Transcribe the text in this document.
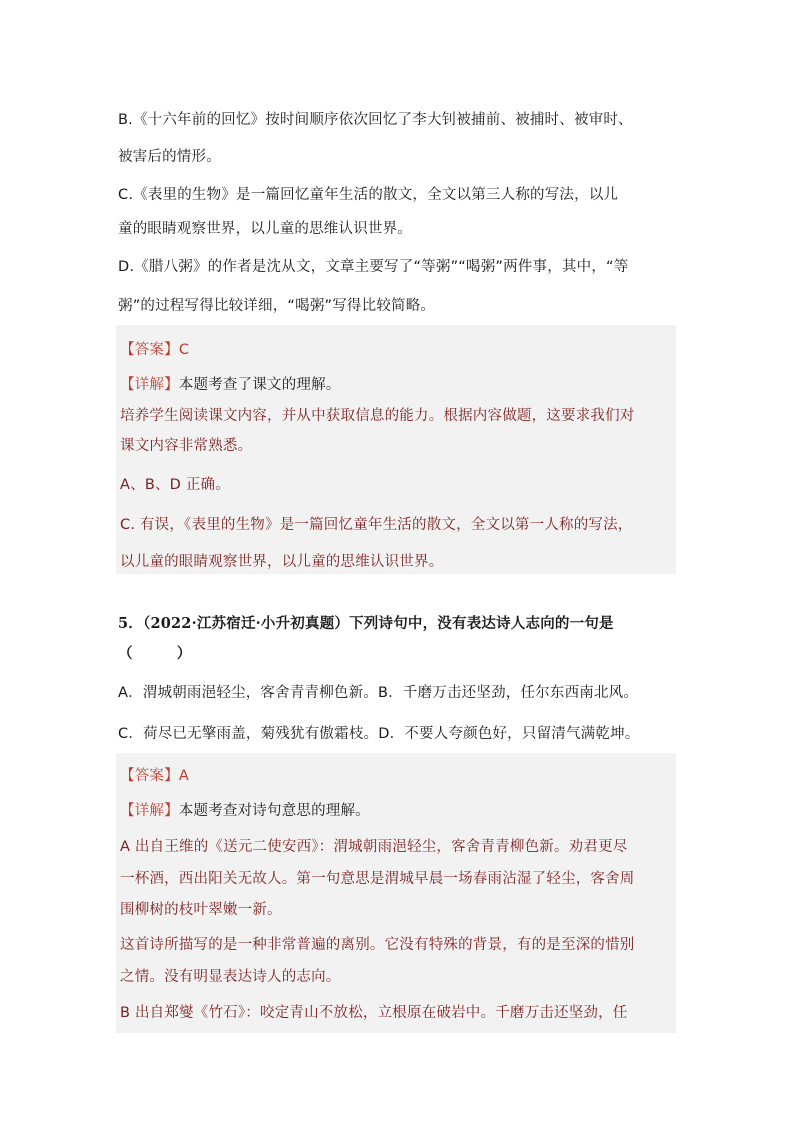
B.《十六年前的回忆》按时间顺序依次回忆了李大钊被捕前、被捕时、被审时、
被害后的情形。
C.《表里的生物》是一篇回忆童年生活的散文，全文以第三人称的写法，以儿
童的眼睛观察世界，以儿童的思维认识世界。
D.《腊八粥》的作者是沈从文，文章主要写了“等粥”“喝粥”两件事，其中，“等
粥”的过程写得比较详细，“喝粥”写得比较简略。
【答案】C
【详解】本题考查了课文的理解。
培养学生阅读课文内容，并从中获取信息的能力。根据内容做题，这要求我们对
课文内容非常熟悉。
A、B、D 正确。
C. 有误，《表里的生物》是一篇回忆童年生活的散文，全文以第一人称的写法，
以儿童的眼睛观察世界，以儿童的思维认识世界。
5．（2022·江苏宿迁·小升初真题）下列诗句中，没有表达诗人志向的一句是
（　　　）
A．渭城朝雨浥轻尘，客舍青青柳色新。B．千磨万击还坚劲，任尔东西南北风。
C．荷尽已无擎雨盖，菊残犹有傲霜枝。D．不要人夸颜色好，只留清气满乾坤。
【答案】A
【详解】本题考查对诗句意思的理解。
A 出自王维的《送元二使安西》：渭城朝雨浥轻尘，客舍青青柳色新。劝君更尽
一杯酒，西出阳关无故人。第一句意思是渭城早晨一场春雨沾湿了轻尘，客舍周
围柳树的枝叶翠嫩一新。
这首诗所描写的是一种非常普遍的离别。它没有特殊的背景，有的是至深的惜别
之情。没有明显表达诗人的志向。
B 出自郑燮《竹石》：咬定青山不放松，立根原在破岩中。千磨万击还坚劲，任
